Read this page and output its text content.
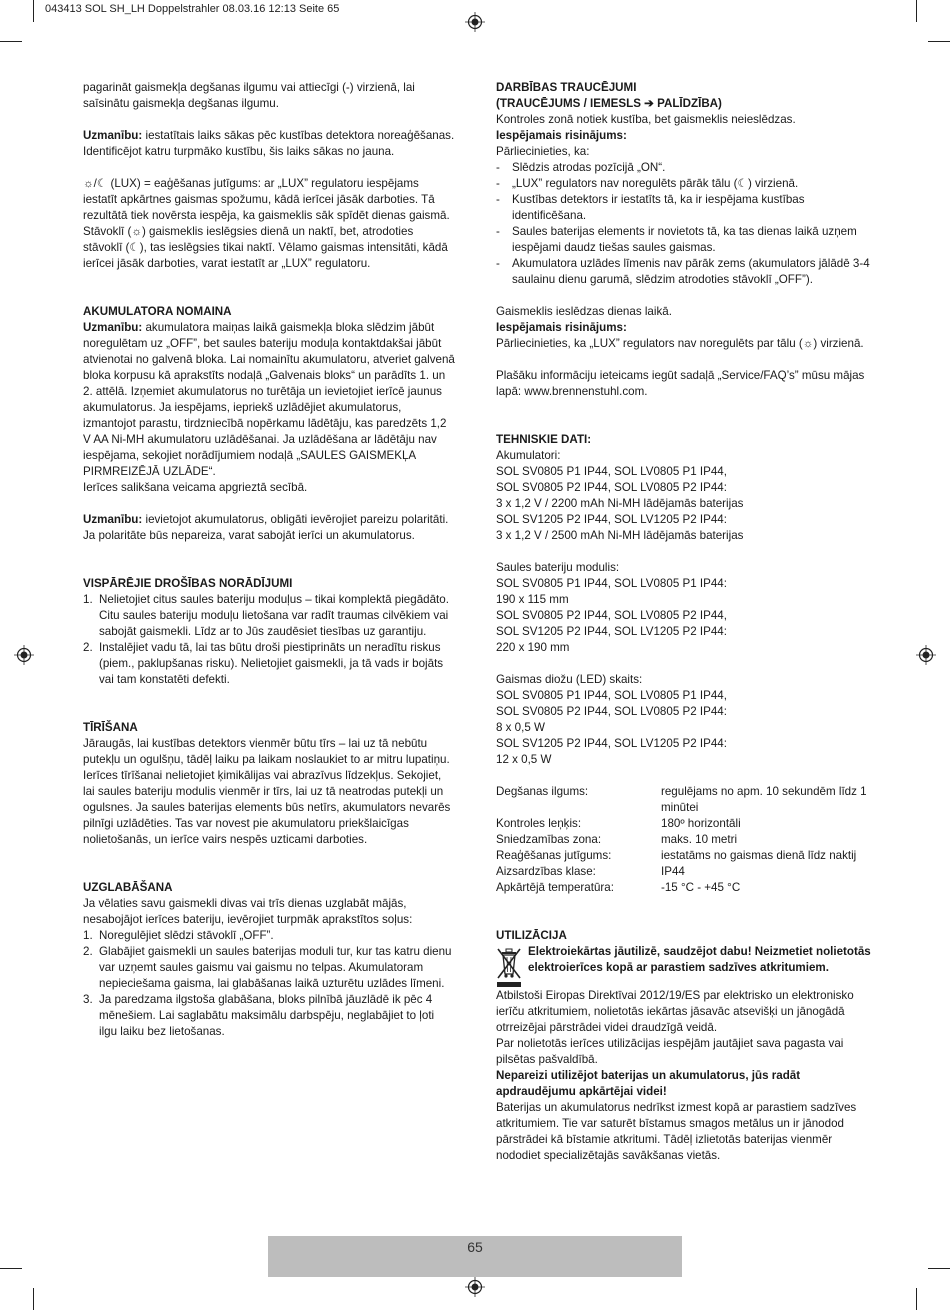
043413 SOL SH_LH Doppelstrahler 08.03.16 12:13 Seite 65

pagarināt gaismekļa degšanas ilgumu vai attiecīgi (-) virzienā, lai saīsinātu gaismekļa degšanas ilgumu.

Uzmanību: iestatītais laiks sākas pēc kustības detektora noreaģēšanas. Identificējot katru turpmāko kustību, šis laiks sākas no jauna.

☼/☾ (LUX) = eaģēšanas jutīgums: ar „LUX” regulatoru iespējams iestatīt apkārtnes gaismas spožumu, kādā ierīcei jāsāk darboties. Tā rezultātā tiek novērsta iespēja, ka gaismeklis sāk spīdēt dienas gaismā. Stāvoklī (☼) gaismeklis ieslēgsies dienā un naktī, bet, atrodoties stāvoklī (☾), tas ieslēgsies tikai naktī. Vēlamo gaismas intensitāti, kādā ierīcei jāsāk darboties, varat iestatīt ar „LUX” regulatoru.

AKUMULATORA NOMAINA

Uzmanību: akumulatora maiņas laikā gaismekļa bloka slēdzim jābūt noregulētam uz „OFF”, bet saules bateriju moduļa kontaktdakšai jābūt atvienotai no galvenā bloka. Lai nomainītu akumulatoru, atveriet galvenā bloka korpusu kā aprakstīts nodaļā „Galvenais bloks“ un parādīts 1. un 2. attēlā. Izņemiet akumulatorus no turētāja un ievietojiet ierīcē jaunus akumulatorus. Ja iespējams, iepriekš uzlādējiet akumulatorus, izmantojot parastu, tirdzniecībā nopērkamu lādētāju, kas paredzēts 1,2 V AA Ni-MH akumulatoru uzlādēšanai. Ja uzlādēšana ar lādētāju nav iespējama, sekojiet norādījumiem nodaļā „SAULES GAISMEKĻA PIRMREIZĒJĀ UZLĀDE“.

Ierīces salikšana veicama apgrieztā secībā.

Uzmanību: ievietojot akumulatorus, obligāti ievērojiet pareizu polaritāti. Ja polaritāte būs nepareiza, varat sabojāt ierīci un akumulatorus.

VISPĀRĒJIE DROŠĪBAS NORĀDĪJUMI

1. Nelietojiet citus saules bateriju moduļus – tikai komplektā piegādāto. Citu saules bateriju moduļu lietošana var radīt traumas cilvēkiem vai sabojāt gaismekli. Līdz ar to Jūs zaudēsiet tiesības uz garantiju.
2. Instalējiet vadu tā, lai tas būtu droši piestiprināts un neradītu riskus (piem., paklupšanas risku). Nelietojiet gaismekli, ja tā vads ir bojāts vai tam konstatēti defekti.

TĪRĪŠANA

Jāraugās, lai kustības detektors vienmēr būtu tīrs – lai uz tā nebūtu putekļu un ogulšņu, tādēļ laiku pa laikam noslaukiet to ar mitru lupatiņu. Ierīces tīrīšanai nelietojiet ķimikālijas vai abrazīvus līdzekļus. Sekojiet, lai saules bateriju modulis vienmēr ir tīrs, lai uz tā neatrodas putekļi un ogulsnes. Ja saules baterijas elements būs netīrs, akumulators nevarēs pilnīgi uzlādēties. Tas var novest pie akumulatoru priekšlaicīgas nolietošanās, un ierīce vairs nespēs uzticami darboties.

UZGLABĀŠANA

Ja vēlaties savu gaismekli divas vai trīs dienas uzglabāt mājās, nesabojājot ierīces bateriju, ievērojiet turpmāk aprakstītos soļus:

1. Noregulējiet slēdzi stāvoklī „OFF”.
2. Glabājiet gaismekli un saules baterijas moduli tur, kur tas katru dienu var uzņemt saules gaismu vai gaismu no telpas. Akumulatoram nepieciešama gaisma, lai glabāšanas laikā uzturētu uzlādes līmeni.
3. Ja paredzama ilgstoša glabāšana, bloks pilnībā jāuzlādē ik pēc 4 mēnešiem. Lai saglabātu maksimālu darbspēju, neglabājiet to ļoti ilgu laiku bez lietošanas.

DARBĪBAS TRAUCĒJUMI

(TRAUCĒJUMS / IEMESLS ➔ PALĪDZĪBA)

Kontroles zonā notiek kustība, bet gaismeklis neieslēdzas.

Iespējamais risinājums:

Pārliecinieties, ka:

- Slēdzis atrodas pozīcijā „ON“.
- „LUX” regulators nav noregulēts pārāk tālu (☾) virzienā.
- Kustības detektors ir iestatīts tā, ka ir iespējama kustības identificēšana.
- Saules baterijas elements ir novietots tā, ka tas dienas laikā uzņem iespējami daudz tiešas saules gaismas.
- Akumulatora uzlādes līmenis nav pārāk zems (akumulators jālādē 3-4 saulainu dienu garumā, slēdzim atrodoties stāvoklī „OFF”).

Gaismeklis ieslēdzas dienas laikā.

Iespējamais risinājums:

Pārliecinieties, ka „LUX” regulators nav noregulēts par tālu (☼) virzienā.

Plašāku informāciju ieteicams iegūt sadaļā „Service/FAQ’s” mūsu mājas lapā: www.brennenstuhl.com.

TEHNISKIE DATI:

Akumulatori:

SOL SV0805 P1 IP44, SOL LV0805 P1 IP44,

SOL SV0805 P2 IP44, SOL LV0805 P2 IP44:

3 x 1,2 V / 2200 mAh Ni-MH lādējamās baterijas

SOL SV1205 P2 IP44, SOL LV1205 P2 IP44:

3 x 1,2 V / 2500 mAh Ni-MH lādējamās baterijas

Saules bateriju modulis:

SOL SV0805 P1 IP44, SOL LV0805 P1 IP44:

190 x 115 mm

SOL SV0805 P2 IP44, SOL LV0805 P2 IP44,

SOL SV1205 P2 IP44, SOL LV1205 P2 IP44:

220 x 190 mm

Gaismas diožu (LED) skaits:

SOL SV0805 P1 IP44, SOL LV0805 P1 IP44,

SOL SV0805 P2 IP44, SOL LV0805 P2 IP44:

8 x 0,5 W

SOL SV1205 P2 IP44, SOL LV1205 P2 IP44:

12 x 0,5 W

Degšanas ilgums:	regulējams no apm. 10 sekundēm līdz 1 minūtei
Kontroles leņķis:	180º horizontāli
Sniedzamības zona:	maks. 10 metri
Reaģēšanas jutīgums:	iestatāms no gaismas dienā līdz naktij
Aizsardzības klase:	IP44
Apkārtējā temperatūra:	-15 °C - +45 °C

UTILIZĀCIJA

Elektroiekārtas jāutilizē, saudzējot dabu! Neizmetiet nolietotās elektroierīces kopā ar parastiem sadzīves atkritumiem.

Atbilstoši Eiropas Direktīvai 2012/19/ES par elektrisko un elektronisko ierīču atkritumiem, nolietotās iekārtas jāsavāc atsevišķi un jānogādā otrreizējai pārstrādei videi draudzīgā veidā.

Par nolietotās ierīces utilizācijas iespējām jautājiet sava pagasta vai pilsētas pašvaldībā.

Nepareizi utilizējot baterijas un akumulatorus, jūs radāt apdraudējumu apkārtējai videi!

Baterijas un akumulatorus nedrīkst izmest kopā ar parastiem sadzīves atkritumiem. Tie var saturēt bīstamus smagos metālus un ir jānodod pārstrādei kā bīstamie atkritumi. Tādēļ izlietotās baterijas vienmēr nododiet specializētajās savākšanas vietās.

65
